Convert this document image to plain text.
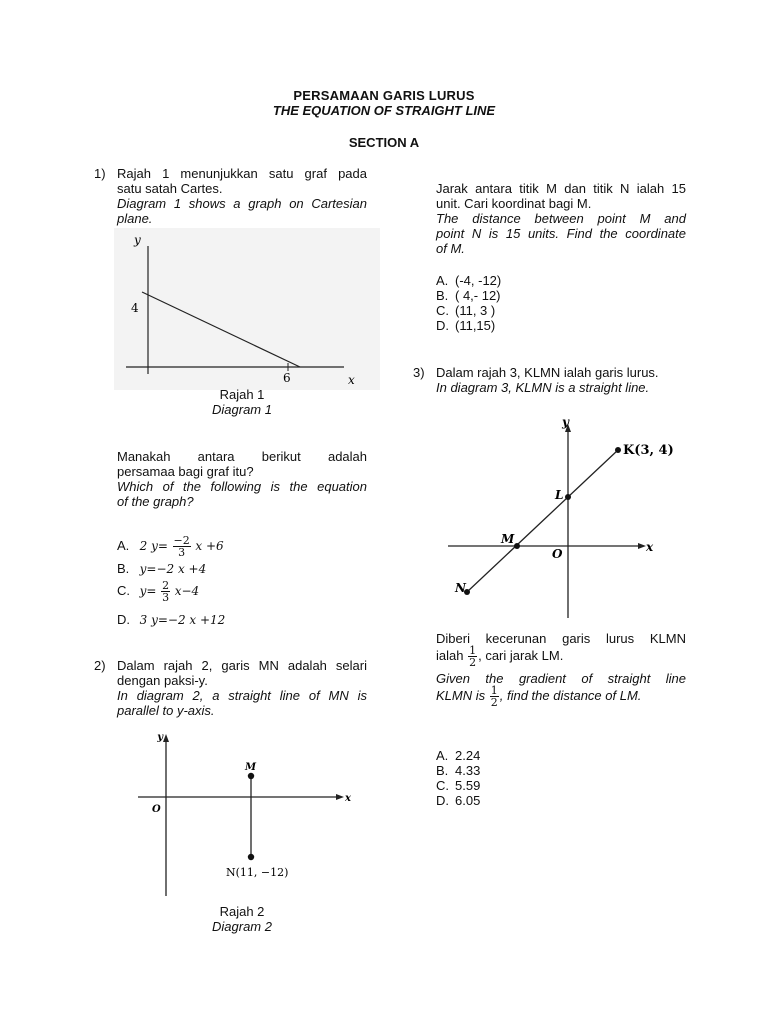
PERSAMAAN GARIS LURUS
THE EQUATION OF STRAIGHT LINE
SECTION A
1) Rajah 1 menunjukkan satu graf pada
satu satah Cartes.
Diagram 1 shows a graph on Cartesian
plane.
y
x
4
6
Rajah 1
Diagram 1
Manakah antara berikut adalah
persamaa bagi graf itu?
Which of the following is the equation
of the graph?
A. 2 $y= \frac{-2}{3}$ x +6
B. y=−2 x +4
C. $y= \frac{2}{3} x-4$
D. 3 y=−2 x +12
2) Dalam rajah 2, garis MN adalah selari
dengan paksi-y.
In diagram 2, a straight line of MN is
parallel to y-axis.
y
x
O
M
N(11, −12)
Rajah 2
Diagram 2
Jarak antara titik M dan titik N ialah 15
unit. Cari koordinat bagi M.
The distance between point M and
point N is 15 units. Find the coordinate
of M.
A. (-4, -12)
B. ( 4,- 12)
C. (11, 3 )
D. (11,15)
3) Dalam rajah 3, KLMN ialah garis lurus.
In diagram 3, KLMN is a straight line.
y
x
O
K(3, 4)
L
M
N
Diberi kecerunan garis lurus KLMN
ialah $\frac{1}{2}$ , cari jarak LM.
Given the gradient of straight line
KLMN is $\frac{1}{2}$ , find the distance of LM.
A. 2.24
B. 4.33
C. 5.59
D. 6.05
